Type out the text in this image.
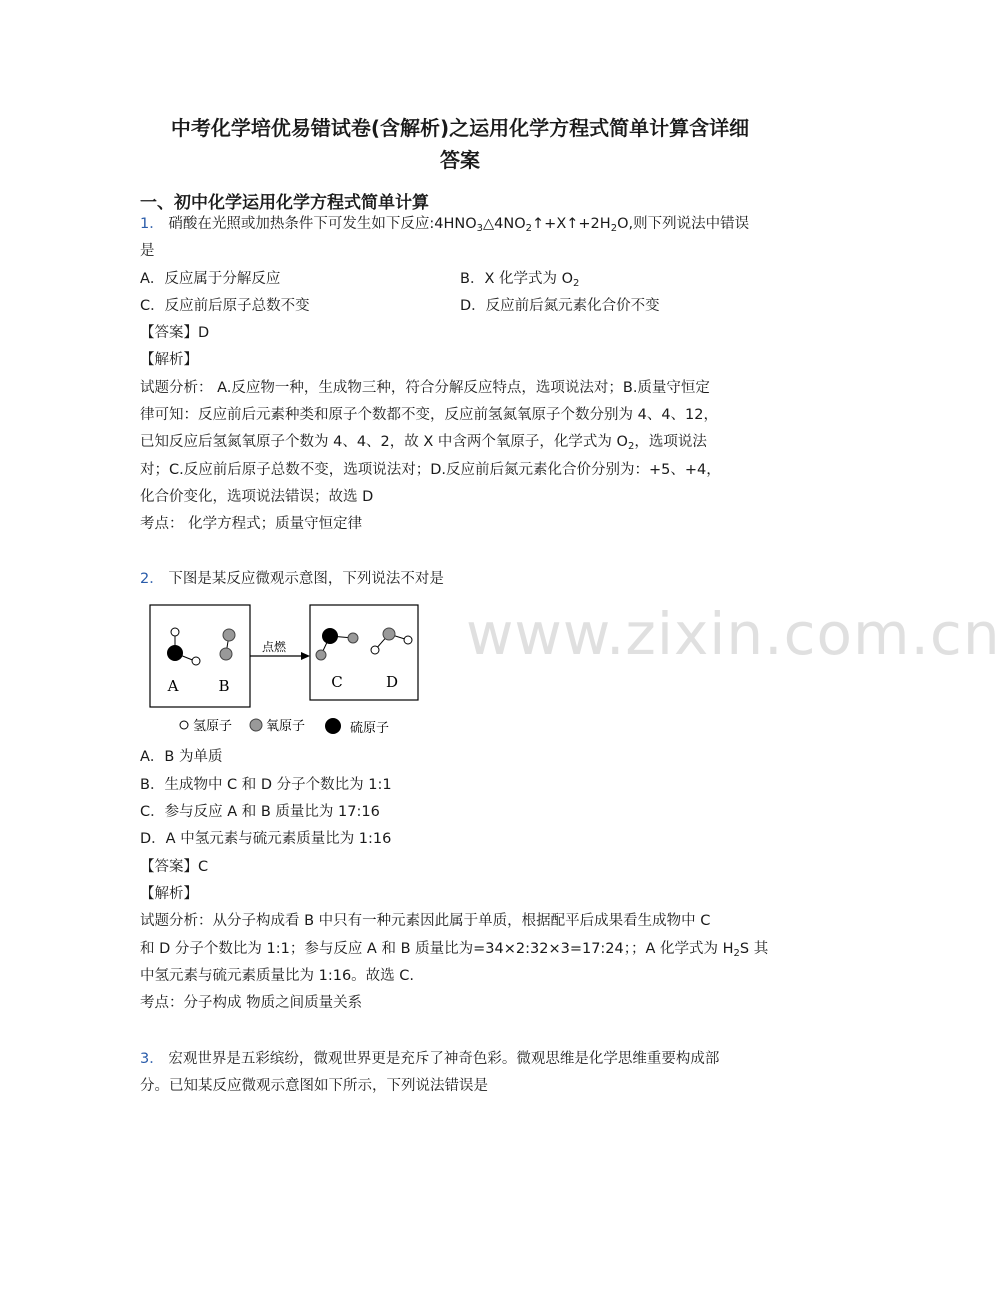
www.zixin.com.cn
中考化学培优易错试卷(含解析)之运用化学方程式简单计算含详细
答案
一、初中化学运用化学方程式简单计算
1． 硝酸在光照或加热条件下可发生如下反应$:4HNO_3\triangle 4NO_2↑+X↑+2H_2O$,则下列说法中错误
是
A．反应属于分解反应	B．X 化学式为 $O_2$
C．反应前后原子总数不变	D．反应前后氮元素化合价不变
【答案】D
【解析】
试题分析： A.反应物一种，生成物三种，符合分解反应特点，选项说法对；B.质量守恒定
律可知：反应前后元素种类和原子个数都不变，反应前氢氮氧原子个数分别为 4、4、12，
已知反应后氢氮氧原子个数为 4、4、2，故 X 中含两个氧原子，化学式为 $O_2$，选项说法
对；C.反应前后原子总数不变，选项说法对；D.反应前后氮元素化合价分别为：+5、+4，
化合价变化，选项说法错误；故选 D
考点： 化学方程式；质量守恒定律
2． 下图是某反应微观示意图，下列说法不对是
A	B
点燃
C	D
氢原子	氧原子	硫原子
A．B 为单质
B．生成物中 C 和 D 分子个数比为 1:1
C．参与反应 A 和 B 质量比为 17:16
D．A 中氢元素与硫元素质量比为 1:16
【答案】C
【解析】
试题分析：从分子构成看 B 中只有一种元素因此属于单质，根据配平后成果看生成物中 C
和 D 分子个数比为 1:1；参与反应 A 和 B 质量比为=34×2:32×3=17:24；；A 化学式为 $H_2S$ 其
中氢元素与硫元素质量比为 1:16。故选 C.
考点：分子构成 物质之间质量关系
3． 宏观世界是五彩缤纷，微观世界更是充斥了神奇色彩。微观思维是化学思维重要构成部
分。已知某反应微观示意图如下所示，下列说法错误是
